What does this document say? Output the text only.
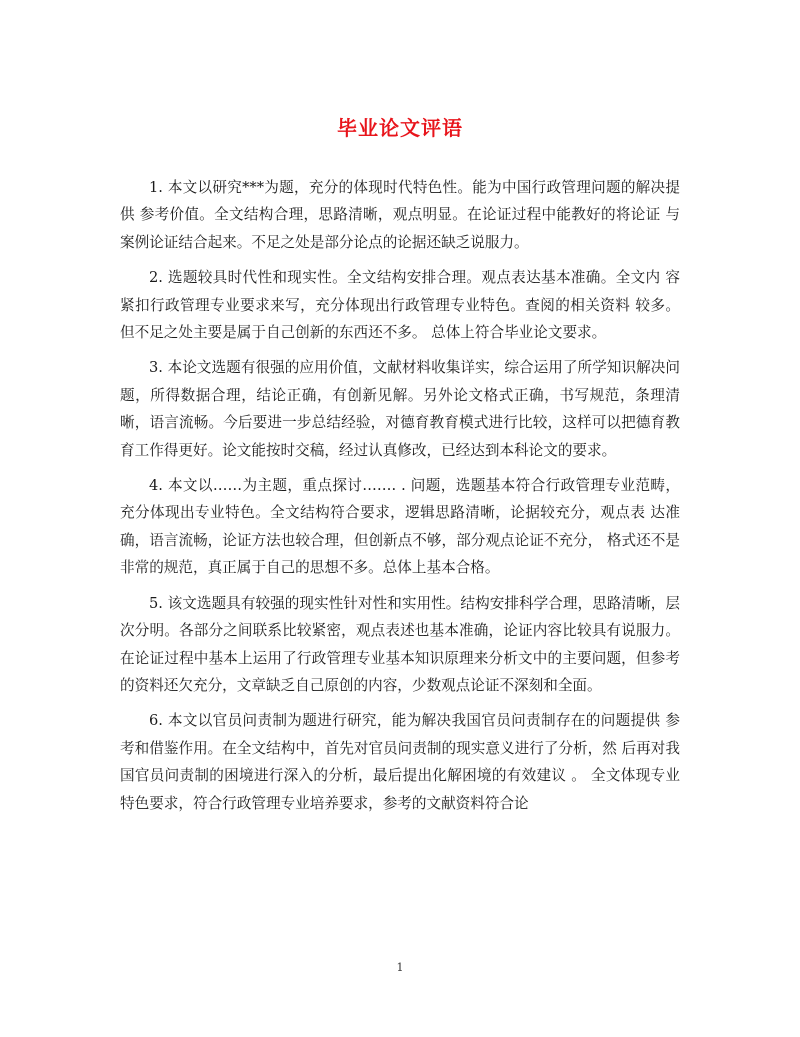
毕业论文评语

1. 本文以研究***为题，充分的体现时代特色性。能为中国行政管理问题的解决提供 参考价值。全文结构合理，思路清晰，观点明显。在论证过程中能教好的将论证 与案例论证结合起来。不足之处是部分论点的论据还缺乏说服力。

2. 选题较具时代性和现实性。全文结构安排合理。观点表达基本准确。全文内 容紧扣行政管理专业要求来写，充分体现出行政管理专业特色。查阅的相关资料 较多。 但不足之处主要是属于自己创新的东西还不多。 总体上符合毕业论文要求。

3. 本论文选题有很强的应用价值，文献材料收集详实，综合运用了所学知识解决问题，所得数据合理，结论正确，有创新见解。另外论文格式正确，书写规范，条理清晰，语言流畅。今后要进一步总结经验，对德育教育模式进行比较，这样可以把德育教育工作得更好。论文能按时交稿，经过认真修改，已经达到本科论文的要求。

4. 本文以……为主题，重点探讨……. . 问题，选题基本符合行政管理专业范畴， 充分体现出专业特色。全文结构符合要求，逻辑思路清晰，论据较充分，观点表 达准确，语言流畅，论证方法也较合理，但创新点不够，部分观点论证不充分， 格式还不是非常的规范，真正属于自己的思想不多。总体上基本合格。

5. 该文选题具有较强的现实性针对性和实用性。结构安排科学合理，思路清晰，层次分明。各部分之间联系比较紧密，观点表述也基本准确，论证内容比较具有说服力。 在论证过程中基本上运用了行政管理专业基本知识原理来分析文中的主要问题，但参考的资料还欠充分，文章缺乏自己原创的内容，少数观点论证不深刻和全面。

6. 本文以官员问责制为题进行研究，能为解决我国官员问责制存在的问题提供 参考和借鉴作用。在全文结构中，首先对官员问责制的现实意义进行了分析，然 后再对我国官员问责制的困境进行深入的分析，最后提出化解困境的有效建议 。 全文体现专业特色要求，符合行政管理专业培养要求，参考的文献资料符合论

1
